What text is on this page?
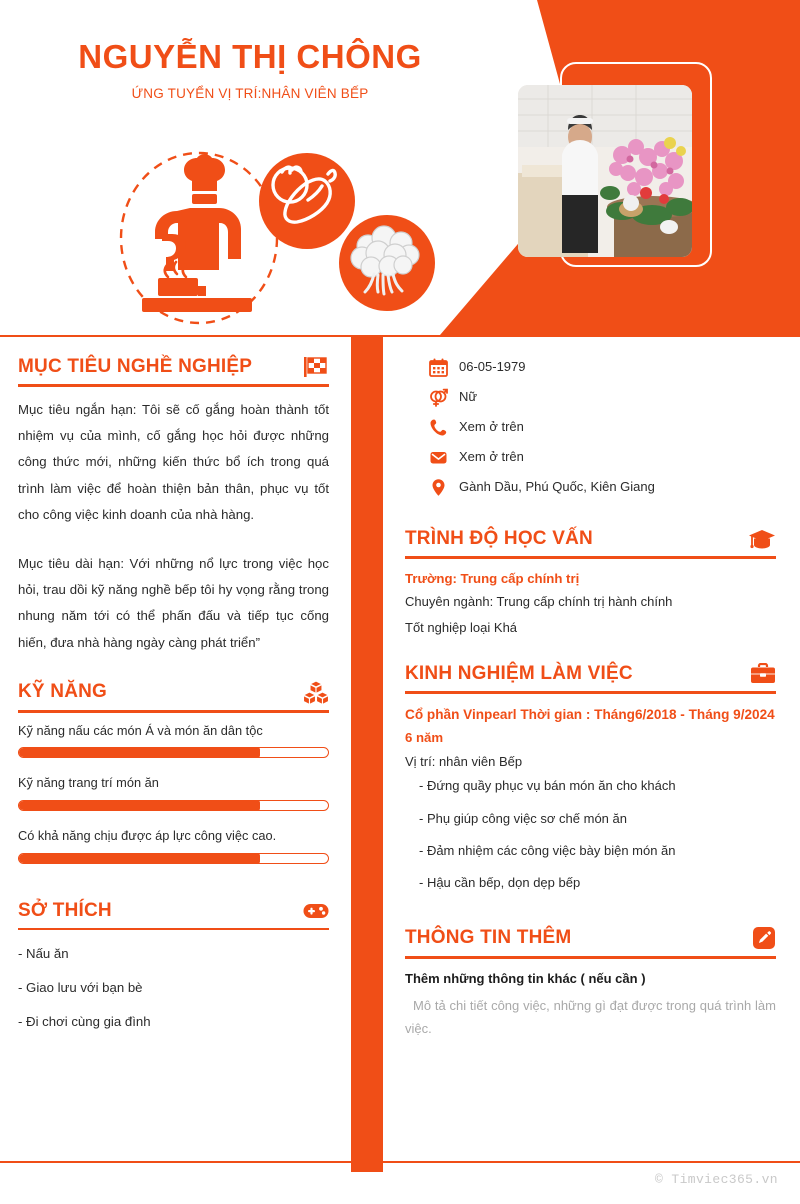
NGUYỄN THỊ CHÔNG

ỨNG TUYỂN VỊ TRÍ:NHÂN VIÊN BẾP

MỤC TIÊU NGHỀ NGHIỆP

Mục tiêu ngắn hạn: Tôi sẽ cố gắng hoàn thành tốt nhiệm vụ của mình, cố gắng học hỏi được những công thức mới, những kiến thức bổ ích trong quá trình làm việc để hoàn thiện bản thân, phục vụ tốt cho công việc kinh doanh của nhà hàng.

Mục tiêu dài hạn: Với những nổ lực trong việc học hỏi, trau dồi kỹ năng nghề bếp tôi hy vọng rằng trong nhung năm tới có thể phấn đấu và tiếp tục cống hiến, đưa nhà hàng ngày càng phát triển”

KỸ NĂNG
Kỹ năng nấu các món Á và món ăn dân tộc
Kỹ năng trang trí món ăn
Có khả năng chịu được áp lực công việc cao.
SỞ THÍCH
- Nấu ăn
- Giao lưu với bạn bè
- Đi chơi cùng gia đình
06-05-1979
Nữ
Xem ở trên
Xem ở trên
Gành Dầu, Phú Quốc, Kiên Giang
TRÌNH ĐỘ HỌC VẤN
Trường: Trung cấp chính trị
Chuyên ngành: Trung cấp chính trị hành chính
Tốt nghiệp loại Khá
KINH NGHIỆM LÀM VIỆC
Cổ phần Vinpearl Thời gian : Tháng6/2018 - Tháng 9/2024
6 năm
Vị trí: nhân viên Bếp
- Đứng quầy phục vụ bán món ăn cho khách
- Phụ giúp công việc sơ chế món ăn
- Đảm nhiệm các công việc bày biện món ăn
- Hậu cần bếp, dọn dẹp bếp
THÔNG TIN THÊM
Thêm những thông tin khác ( nếu cần )
Mô tả chi tiết công việc, những gì đạt được trong quá trình làm việc.
© Timviec365.vn
